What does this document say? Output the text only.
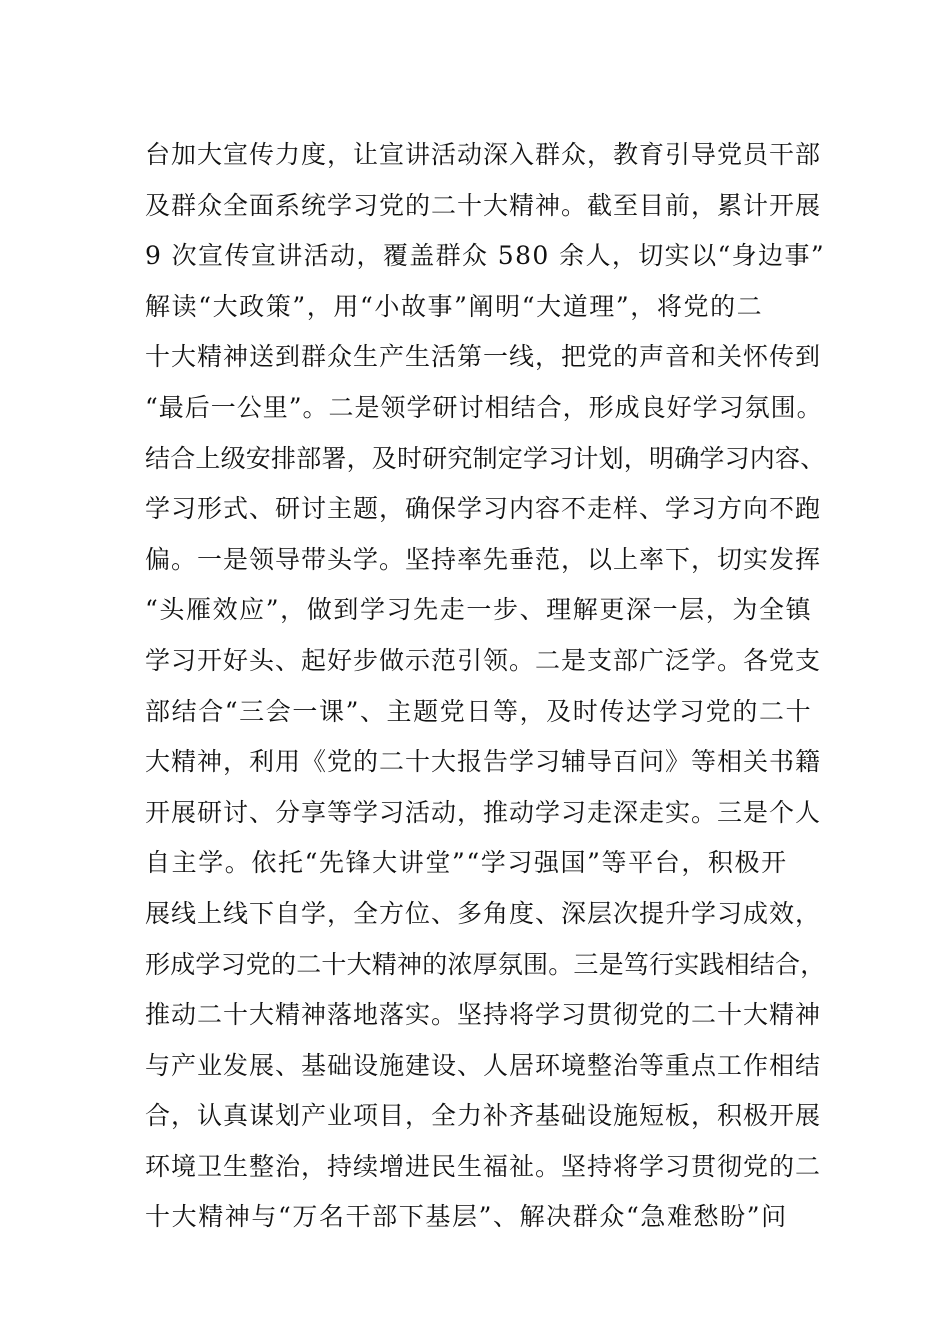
台加大宣传力度，让宣讲活动深入群众，教育引导党员干部
及群众全面系统学习党的二十大精神。截至目前，累计开展
9 次宣传宣讲活动，覆盖群众 580 余人，切实以“身边事”
解读“大政策”，用“小故事”阐明“大道理”，将党的二
十大精神送到群众生产生活第一线，把党的声音和关怀传到
“最后一公里”。二是领学研讨相结合，形成良好学习氛围。
结合上级安排部署，及时研究制定学习计划，明确学习内容、
学习形式、研讨主题，确保学习内容不走样、学习方向不跑
偏。一是领导带头学。坚持率先垂范，以上率下，切实发挥
“头雁效应”，做到学习先走一步、理解更深一层，为全镇
学习开好头、起好步做示范引领。二是支部广泛学。各党支
部结合“三会一课”、主题党日等，及时传达学习党的二十
大精神，利用《党的二十大报告学习辅导百问》等相关书籍
开展研讨、分享等学习活动，推动学习走深走实。三是个人
自主学。依托“先锋大讲堂”“学习强国”等平台，积极开
展线上线下自学，全方位、多角度、深层次提升学习成效，
形成学习党的二十大精神的浓厚氛围。三是笃行实践相结合，
推动二十大精神落地落实。坚持将学习贯彻党的二十大精神
与产业发展、基础设施建设、人居环境整治等重点工作相结
合，认真谋划产业项目，全力补齐基础设施短板，积极开展
环境卫生整治，持续增进民生福祉。坚持将学习贯彻党的二
十大精神与“万名干部下基层”、解决群众“急难愁盼”问
